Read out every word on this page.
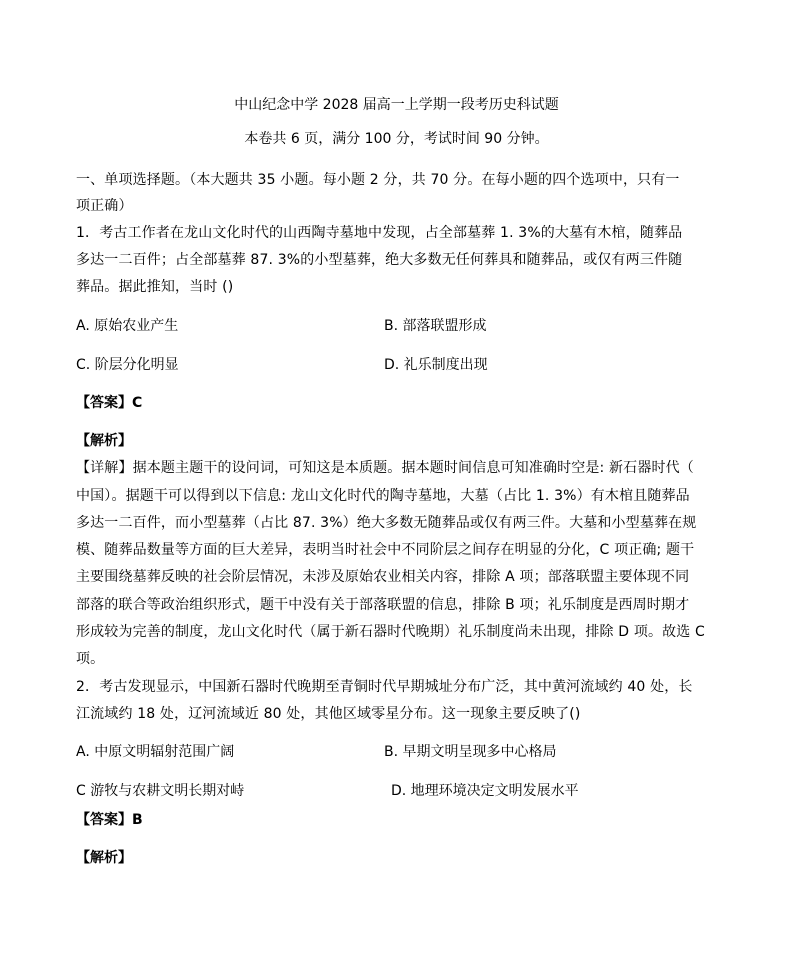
中山纪念中学 2028 届高一上学期一段考历史科试题
本卷共 6 页，满分 100 分，考试时间 90 分钟。
一、单项选择题。（本大题共 35 小题。每小题 2 分，共 70 分。在每小题的四个选项中，只有一
项正确）
1．考古工作者在龙山文化时代的山西陶寺墓地中发现，占全部墓葬 1. 3%的大墓有木棺，随葬品
多达一二百件；占全部墓葬 87. 3%的小型墓葬，绝大多数无任何葬具和随葬品，或仅有两三件随
葬品。据此推知，当时 ()
A. 原始农业产生	B. 部落联盟形成
C. 阶层分化明显	D. 礼乐制度出现
【答案】C
【解析】
【详解】据本题主题干的设问词，可知这是本质题。据本题时间信息可知准确时空是: 新石器时代（
中国）。据题干可以得到以下信息: 龙山文化时代的陶寺墓地，大墓（占比 1. 3%）有木棺且随葬品
多达一二百件，而小型墓葬（占比 87. 3%）绝大多数无随葬品或仅有两三件。大墓和小型墓葬在规
模、随葬品数量等方面的巨大差异，表明当时社会中不同阶层之间存在明显的分化，C 项正确; 题干
主要围绕墓葬反映的社会阶层情况，未涉及原始农业相关内容，排除 A 项；部落联盟主要体现不同
部落的联合等政治组织形式，题干中没有关于部落联盟的信息，排除 B 项；礼乐制度是西周时期才
形成较为完善的制度，龙山文化时代（属于新石器时代晚期）礼乐制度尚未出现，排除 D 项。故选 C
项。
2．考古发现显示，中国新石器时代晚期至青铜时代早期城址分布广泛，其中黄河流域约 40 处，长
江流域约 18 处，辽河流域近 80 处，其他区域零星分布。这一现象主要反映了()
A. 中原文明辐射范围广阔	B. 早期文明呈现多中心格局
C 游牧与农耕文明长期对峙	D. 地理环境决定文明发展水平
【答案】B
【解析】
